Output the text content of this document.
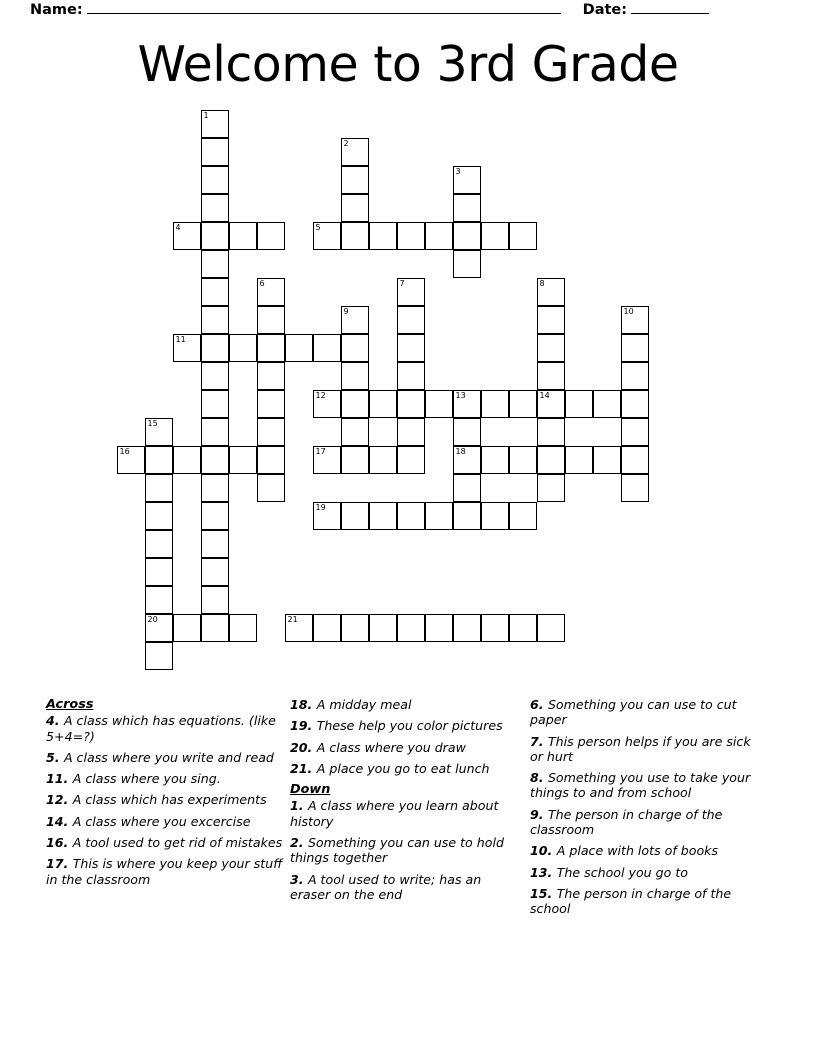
Name:	Date:
Welcome to 3rd Grade
1
2
3
4	5
6	7	8
9	10
11
12	13	14
15
16	17	18
19
20	21
Across
4. A class which has equations. (like 5+4=?)
5. A class where you write and read
11. A class where you sing.
12. A class which has experiments
14. A class where you excercise
16. A tool used to get rid of mistakes
17. This is where you keep your stuff in the classroom
18. A midday meal
19. These help you color pictures
20. A class where you draw
21. A place you go to eat lunch
Down
1. A class where you learn about history
2. Something you can use to hold things together
3. A tool used to write; has an eraser on the end
6. Something you can use to cut paper
7. This person helps if you are sick or hurt
8. Something you use to take your things to and from school
9. The person in charge of the classroom
10. A place with lots of books
13. The school you go to
15. The person in charge of the school
